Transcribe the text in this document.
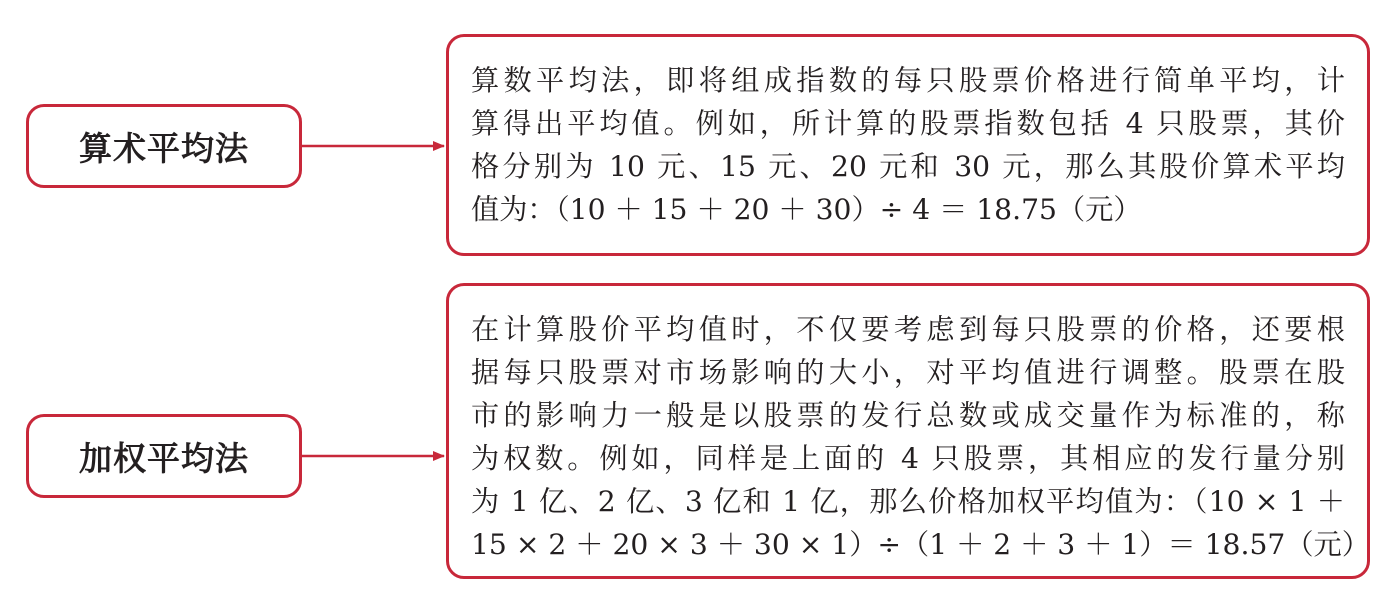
算术平均法
加权平均法
算数平均法，即将组成指数的每只股票价格进行简单平均，计
算得出平均值。例如，所计算的股票指数包括 4 只股票，其价
格分别为 10 元、15 元、20 元和 30 元，那么其股价算术平均
值为：（10 ＋ 15 ＋ 20 ＋ 30）÷ 4 ＝ 18.75（元）
在计算股价平均值时，不仅要考虑到每只股票的价格，还要根
据每只股票对市场影响的大小，对平均值进行调整。股票在股
市的影响力一般是以股票的发行总数或成交量作为标准的，称
为权数。例如，同样是上面的 4 只股票，其相应的发行量分别
为 1 亿、2 亿、3 亿和 1 亿，那么价格加权平均值为：（10 × 1 ＋
15 × 2 ＋ 20 × 3 ＋ 30 × 1）÷（1 ＋ 2 ＋ 3 ＋ 1）＝ 18.57（元）
